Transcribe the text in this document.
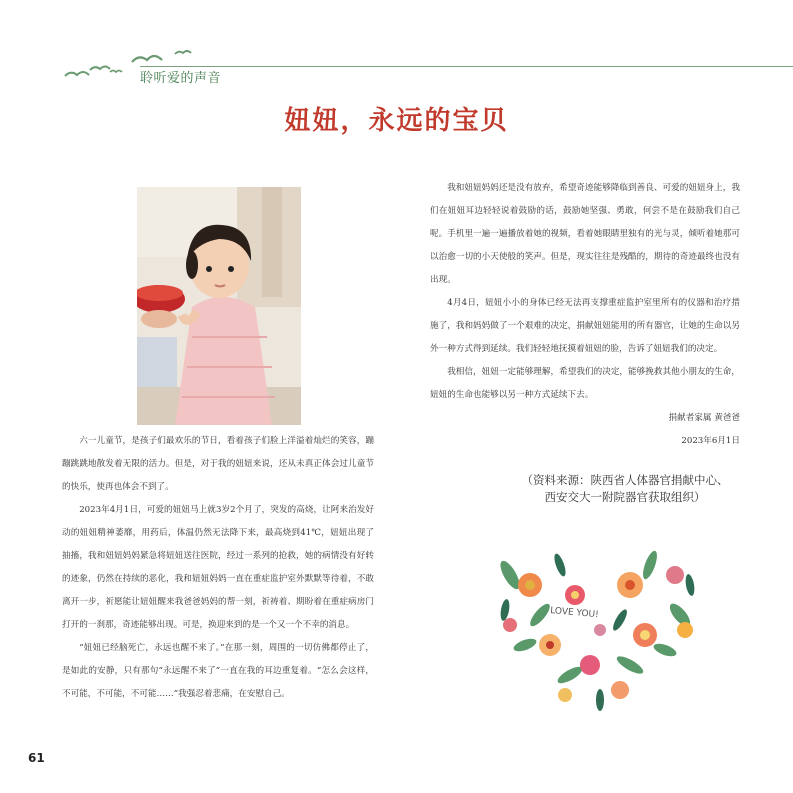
聆听爱的声音
妞妞，永远的宝贝

六一儿童节，是孩子们最欢乐的节日，看着孩子们脸上洋溢着灿烂的笑容，蹦蹦跳跳地散发着无限的活力。但是，对于我的妞妞来说，还从未真正体会过儿童节的快乐，使再也体会不到了。

2023年4月1日，可爱的妞妞马上就3岁2个月了，突发的高烧，让阿来治发好动的妞妞精神萎靡，用药后，体温仍然无法降下来，最高烧到41℃，妞妞出现了抽搐，我和妞妞妈妈紧急将妞妞送往医院，经过一系列的抢救，她的病情没有好转的迹象，仍然在持续的恶化，我和妞妞妈妈一直在重症监护室外默默等待着，不敢离开一步，祈愿能让妞妞醒来我爸爸妈妈的帮一刻，祈祷着、期盼着在重症病房门打开的一刹那，奇迹能够出现。可是，换迎来到的是一个又一个不幸的消息。

“妞妞已经脑死亡，永远也醒不来了。”在那一刻，周围的一切仿佛都停止了，是如此的安静，只有那句“永远醒不来了”一直在我的耳边重复着。“怎么会这样，不可能，不可能，不可能……”我强忍着悲痛，在安慰自己。

我和妞妞妈妈还是没有放弃，希望奇迹能够降临到善良、可爱的妞妞身上，我们在妞妞耳边轻轻说着鼓励的话，鼓励她坚强、勇敢，何尝不是在鼓励我们自己呢。手机里一遍一遍播放着她的视频，看着她眼睛里独有的光与灵，倾听着她那可以治愈一切的小天使般的笑声。但是，现实往往是残酷的，期待的奇迹最终也没有出现。

4月4日，妞妞小小的身体已经无法再支撑重症监护室里所有的仪器和治疗措施了，我和妈妈做了一个艰难的决定，捐献妞妞能用的所有器官，让她的生命以另外一种方式得到延续。我们轻轻地抚摸着妞妞的脸，告诉了妞妞我们的决定。

我相信，妞妞一定能够理解，希望我们的决定，能够挽救其他小朋友的生命，妞妞的生命也能够以另一种方式延续下去。

捐献者家属 黄爸爸

2023年6月1日

（资料来源：陕西省人体器官捐献中心、
西安交大一附院器官获取组织）
LOVE YOU!
61
